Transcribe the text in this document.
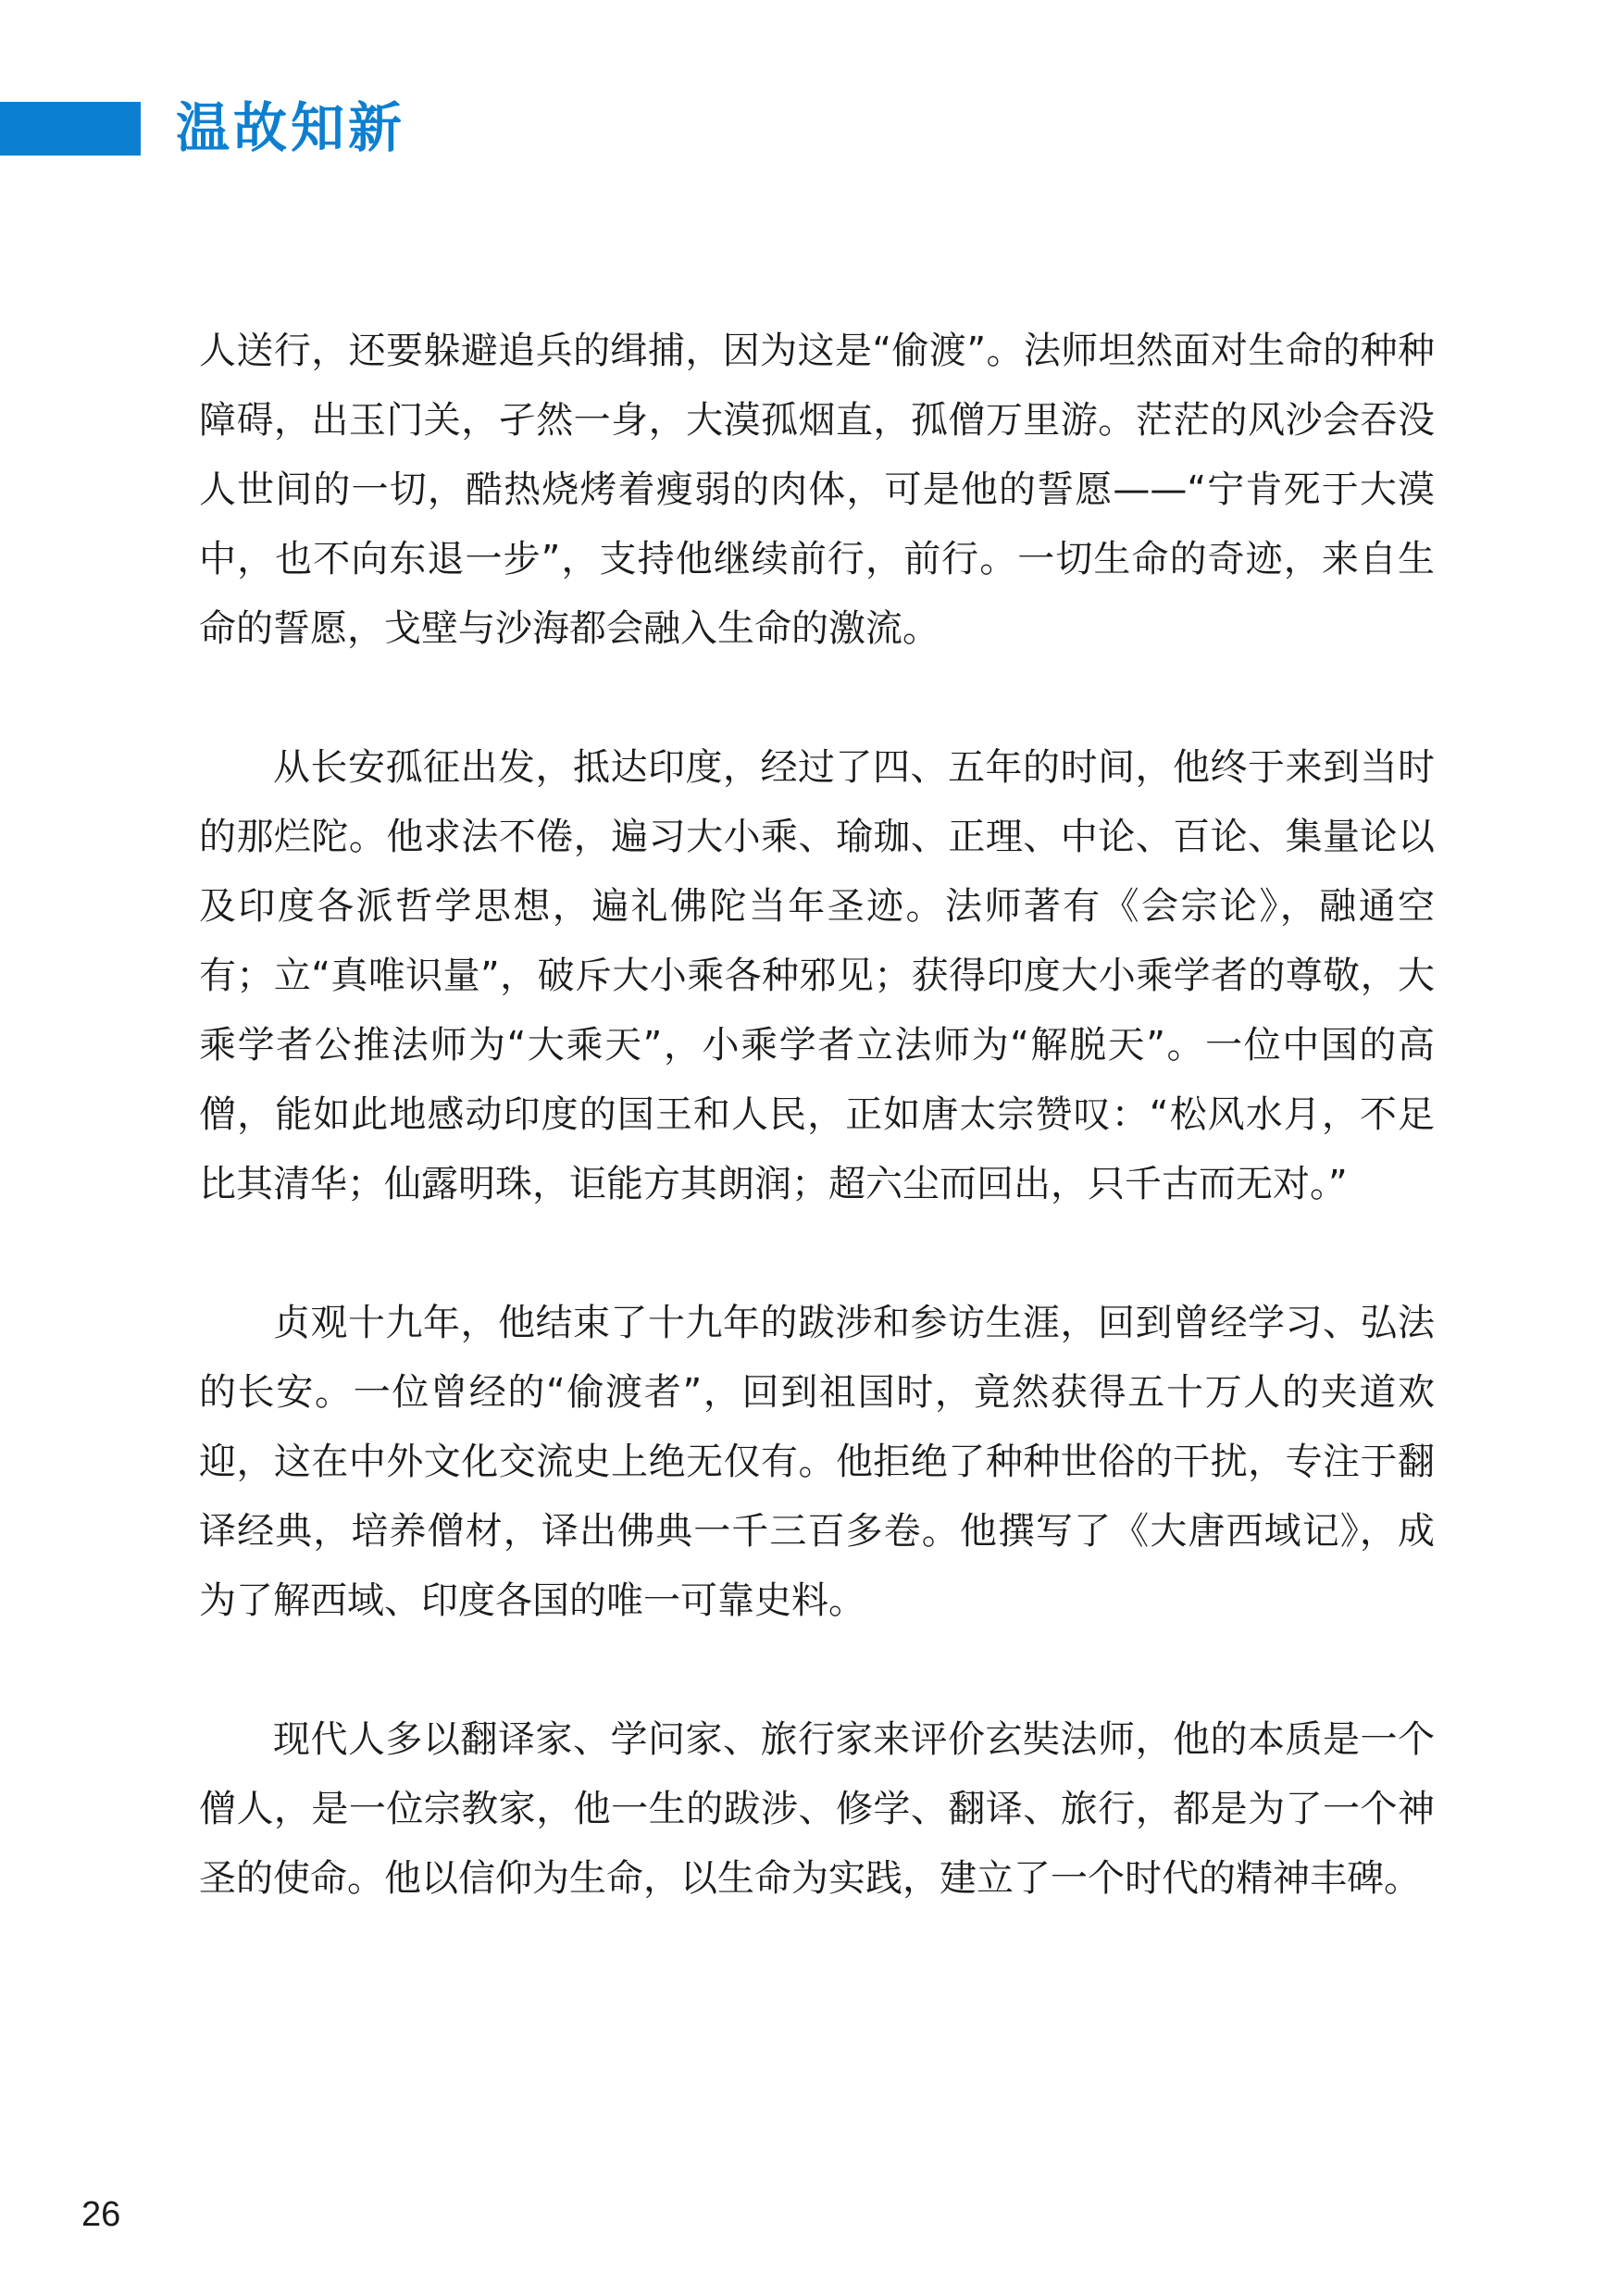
温故知新

人送行，还要躲避追兵的缉捕，因为这是“偷渡”。法师坦然面对生命的种种障碍，出玉门关，孑然一身，大漠孤烟直，孤僧万里游。茫茫的风沙会吞没人世间的一切，酷热烧烤着瘦弱的肉体，可是他的誓愿——“宁肯死于大漠中，也不向东退一步”，支持他继续前行，前行。一切生命的奇迹，来自生命的誓愿，戈壁与沙海都会融入生命的激流。

从长安孤征出发，抵达印度，经过了四、五年的时间，他终于来到当时的那烂陀。他求法不倦，遍习大小乘、瑜珈、正理、中论、百论、集量论以及印度各派哲学思想，遍礼佛陀当年圣迹。法师著有《会宗论》，融通空有；立“真唯识量”，破斥大小乘各种邪见；获得印度大小乘学者的尊敬，大乘学者公推法师为“大乘天”，小乘学者立法师为“解脱天”。一位中国的高僧，能如此地感动印度的国王和人民，正如唐太宗赞叹：“松风水月，不足比其清华；仙露明珠，讵能方其朗润；超六尘而回出，只千古而无对。”

贞观十九年，他结束了十九年的跋涉和参访生涯，回到曾经学习、弘法的长安。一位曾经的“偷渡者”，回到祖国时，竟然获得五十万人的夹道欢迎，这在中外文化交流史上绝无仅有。他拒绝了种种世俗的干扰，专注于翻译经典，培养僧材，译出佛典一千三百多卷。他撰写了《大唐西域记》，成为了解西域、印度各国的唯一可靠史料。

现代人多以翻译家、学问家、旅行家来评价玄奘法师，他的本质是一个僧人，是一位宗教家，他一生的跋涉、修学、翻译、旅行，都是为了一个神圣的使命。他以信仰为生命，以生命为实践，建立了一个时代的精神丰碑。

26
